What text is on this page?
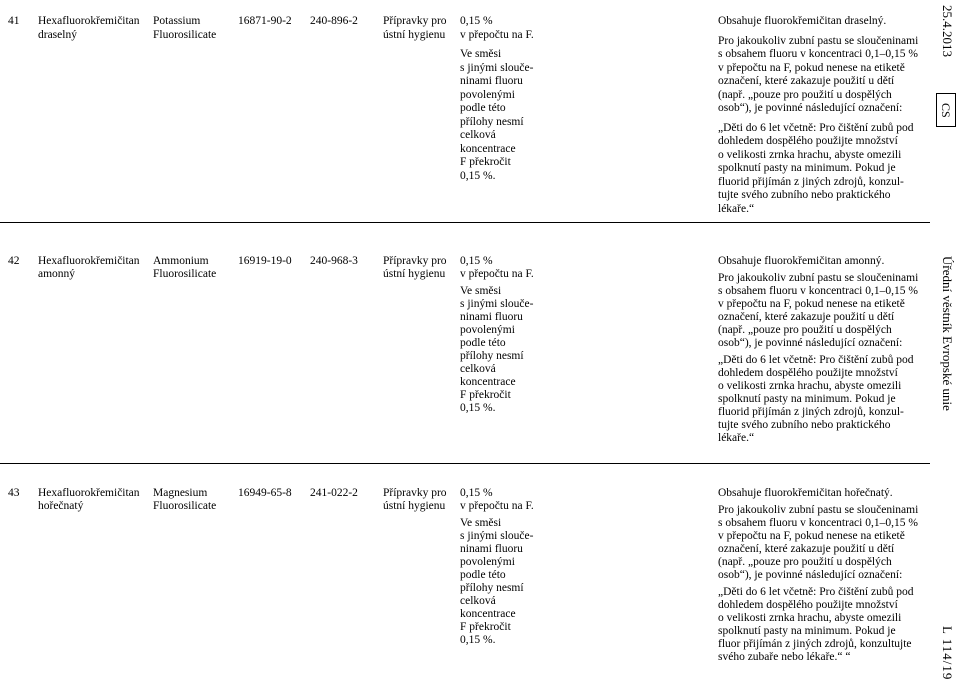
41 Hexafluorokřemičitan
draselný
Potassium
Fluorosilicate
16871-90-2 240-896-2 Přípravky pro
ústní hygienu
0,15 %
v přepočtu na F.
Ve směsi
s jinými slouče-
ninami fluoru
povolenými
podle této
přílohy nesmí
celková
koncentrace
F překročit
0,15 %.
Obsahuje fluorokřemičitan draselný.
Pro jakoukoliv zubní pastu se sloučeninami
s obsahem fluoru v koncentraci 0,1–0,15 %
v přepočtu na F, pokud nenese na etiketě
označení, které zakazuje použití u dětí
(např. „pouze pro použití u dospělých
osob“), je povinné následující označení:
„Děti do 6 let včetně: Pro čištění zubů pod
dohledem dospělého použijte množství
o velikosti zrnka hrachu, abyste omezili
spolknutí pasty na minimum. Pokud je
fluorid přijímán z jiných zdrojů, konzul-
tujte svého zubního nebo praktického
lékaře.“
42 Hexafluorokřemičitan
amonný
Ammonium
Fluorosilicate
16919-19-0 240-968-3 Přípravky pro
ústní hygienu
0,15 %
v přepočtu na F.
Ve směsi
s jinými slouče-
ninami fluoru
povolenými
podle této
přílohy nesmí
celková
koncentrace
F překročit
0,15 %.
Obsahuje fluorokřemičitan amonný.
Pro jakoukoliv zubní pastu se sloučeninami
s obsahem fluoru v koncentraci 0,1–0,15 %
v přepočtu na F, pokud nenese na etiketě
označení, které zakazuje použití u dětí
(např. „pouze pro použití u dospělých
osob“), je povinné následující označení:
„Děti do 6 let včetně: Pro čištění zubů pod
dohledem dospělého použijte množství
o velikosti zrnka hrachu, abyste omezili
spolknutí pasty na minimum. Pokud je
fluorid přijímán z jiných zdrojů, konzul-
tujte svého zubního nebo praktického
lékaře.“
43 Hexafluorokřemičitan
hořečnatý
Magnesium
Fluorosilicate
16949-65-8 241-022-2 Přípravky pro
ústní hygienu
0,15 %
v přepočtu na F.
Ve směsi
s jinými slouče-
ninami fluoru
povolenými
podle této
přílohy nesmí
celková
koncentrace
F překročit
0,15 %.
Obsahuje fluorokřemičitan hořečnatý.
Pro jakoukoliv zubní pastu se sloučeninami
s obsahem fluoru v koncentraci 0,1–0,15 %
v přepočtu na F, pokud nenese na etiketě
označení, které zakazuje použití u dětí
(např. „pouze pro použití u dospělých
osob“), je povinné následující označení:
„Děti do 6 let včetně: Pro čištění zubů pod
dohledem dospělého použijte množství
o velikosti zrnka hrachu, abyste omezili
spolknutí pasty na minimum. Pokud je
fluor přijímán z jiných zdrojů, konzultujte
svého zubaře nebo lékaře.“ “
25.4.2013
CS
Úřední věstník Evropské unie
L 114/19
